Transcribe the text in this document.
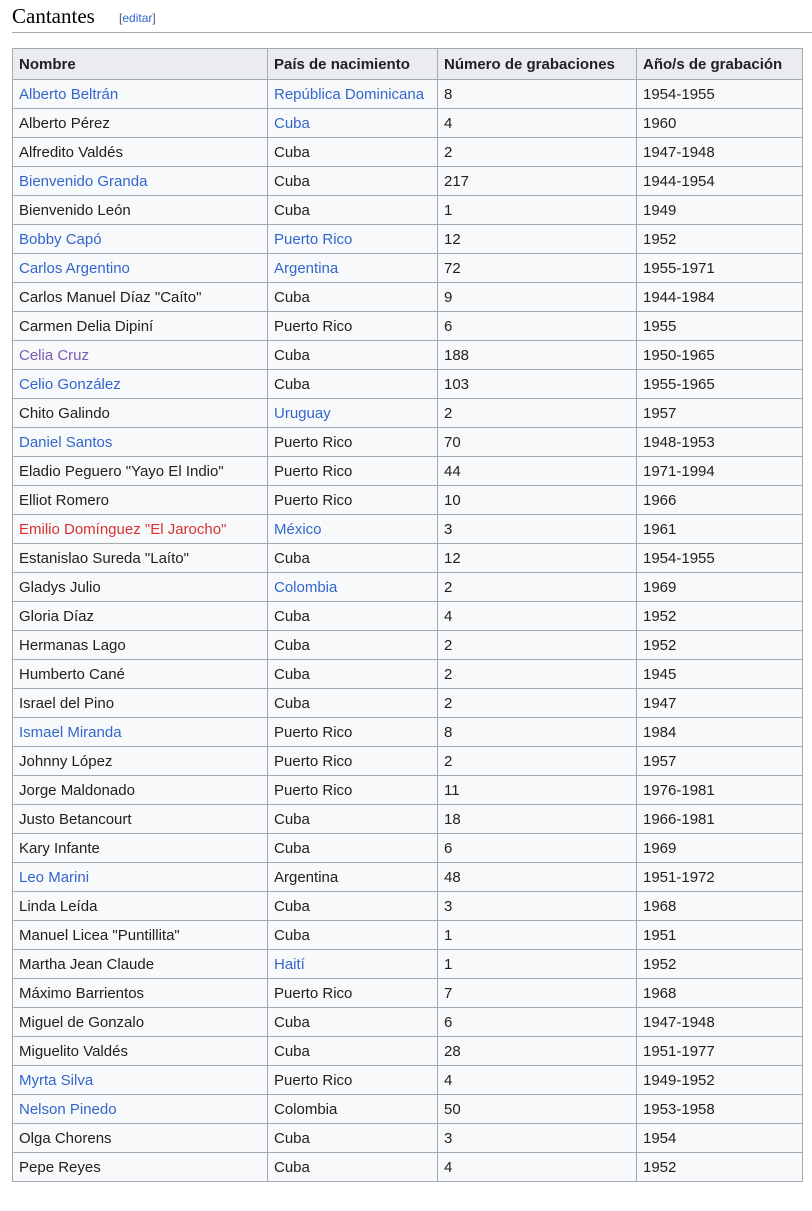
Cantantes [editar]
Nombre	País de nacimiento	Número de grabaciones	Año/s de grabación
Alberto Beltrán	República Dominicana	8	1954-1955
Alberto Pérez	Cuba	4	1960
Alfredito Valdés	Cuba	2	1947-1948
Bienvenido Granda	Cuba	217	1944-1954
Bienvenido León	Cuba	1	1949
Bobby Capó	Puerto Rico	12	1952
Carlos Argentino	Argentina	72	1955-1971
Carlos Manuel Díaz "Caíto"	Cuba	9	1944-1984
Carmen Delia Dipiní	Puerto Rico	6	1955
Celia Cruz	Cuba	188	1950-1965
Celio González	Cuba	103	1955-1965
Chito Galindo	Uruguay	2	1957
Daniel Santos	Puerto Rico	70	1948-1953
Eladio Peguero "Yayo El Indio"	Puerto Rico	44	1971-1994
Elliot Romero	Puerto Rico	10	1966
Emilio Domínguez "El Jarocho"	México	3	1961
Estanislao Sureda "Laíto"	Cuba	12	1954-1955
Gladys Julio	Colombia	2	1969
Gloria Díaz	Cuba	4	1952
Hermanas Lago	Cuba	2	1952
Humberto Cané	Cuba	2	1945
Israel del Pino	Cuba	2	1947
Ismael Miranda	Puerto Rico	8	1984
Johnny López	Puerto Rico	2	1957
Jorge Maldonado	Puerto Rico	11	1976-1981
Justo Betancourt	Cuba	18	1966-1981
Kary Infante	Cuba	6	1969
Leo Marini	Argentina	48	1951-1972
Linda Leída	Cuba	3	1968
Manuel Licea "Puntillita"	Cuba	1	1951
Martha Jean Claude	Haití	1	1952
Máximo Barrientos	Puerto Rico	7	1968
Miguel de Gonzalo	Cuba	6	1947-1948
Miguelito Valdés	Cuba	28	1951-1977
Myrta Silva	Puerto Rico	4	1949-1952
Nelson Pinedo	Colombia	50	1953-1958
Olga Chorens	Cuba	3	1954
Pepe Reyes	Cuba	4	1952
